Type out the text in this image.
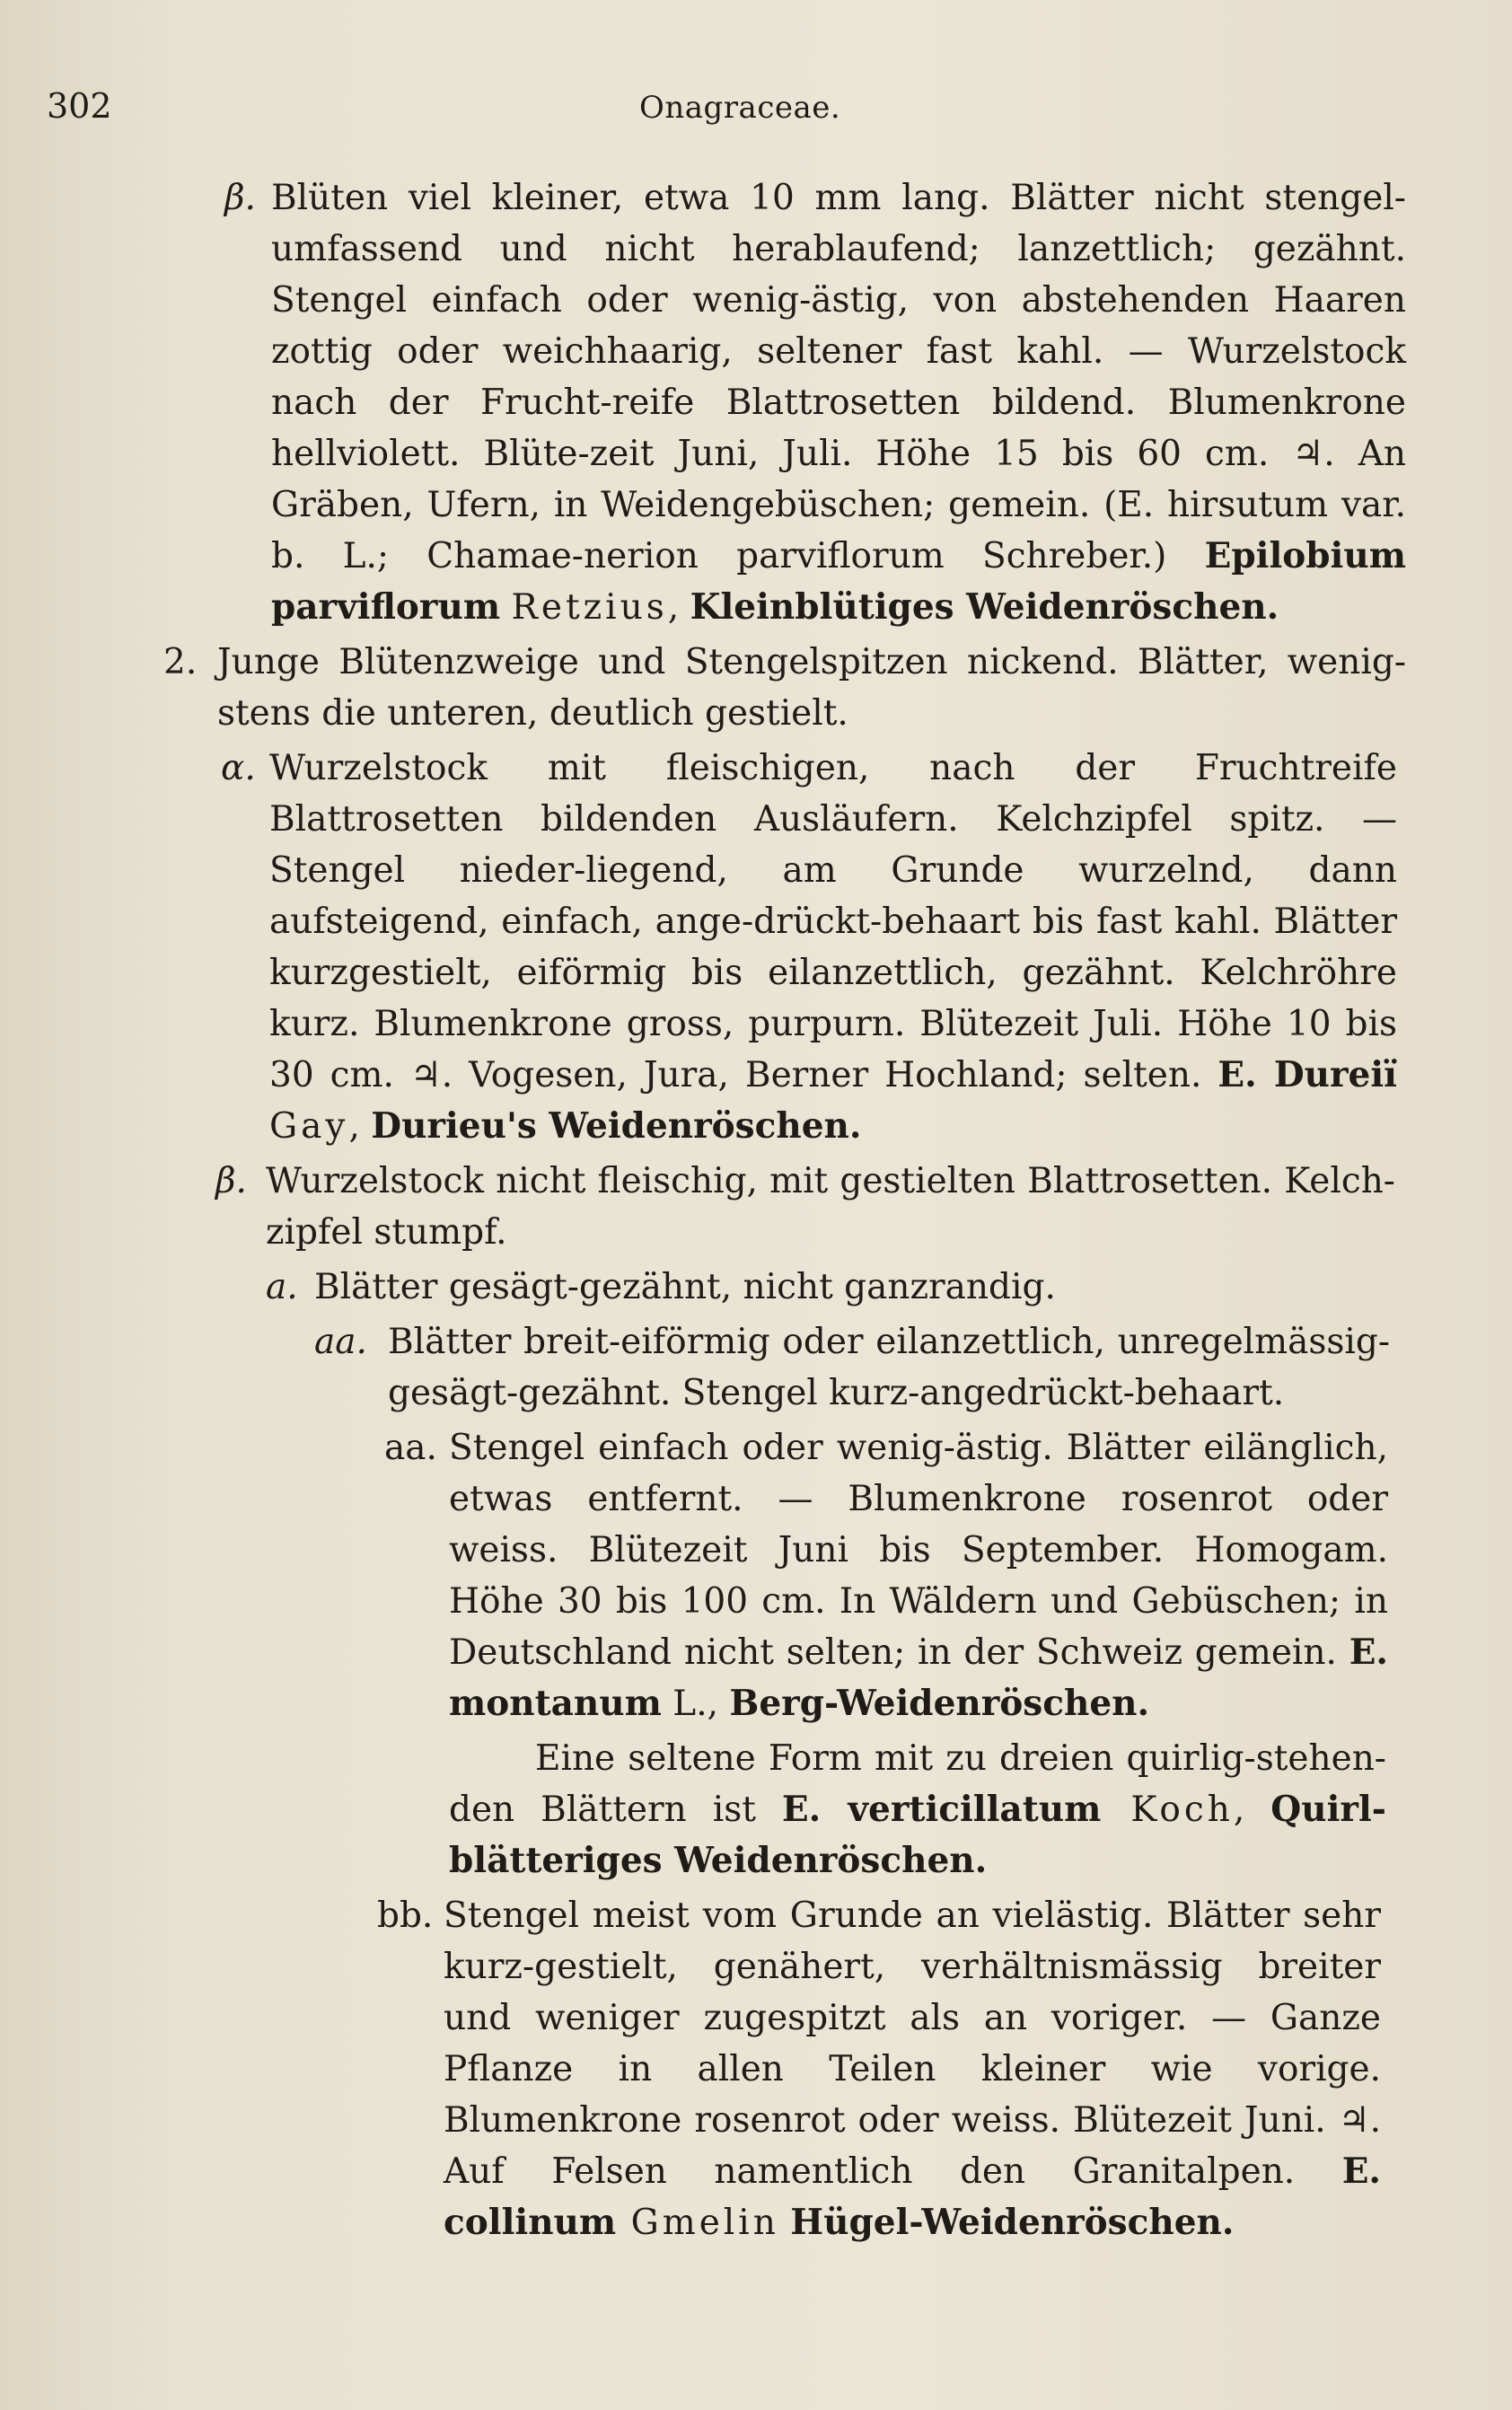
302	Onagraceae.
β. Blüten viel kleiner, etwa 10 mm lang. Blätter nicht stengel-umfassend und nicht herablaufend; lanzettlich; gezähnt. Stengel einfach oder wenig-ästig, von abstehenden Haaren zottig oder weichhaarig, seltener fast kahl. — Wurzelstock nach der Frucht-reife Blattrosetten bildend. Blumenkrone hellviolett. Blüte-zeit Juni, Juli. Höhe 15 bis 60 cm. ♃. An Gräben, Ufern, in Weidengebüschen; gemein. (E. hirsutum var. b. L.; Chamae-nerion parviflorum Schreber.) Epilobium parviflorum Retzius, Kleinblütiges Weidenröschen.
2. Junge Blütenzweige und Stengelspitzen nickend. Blätter, wenig-stens die unteren, deutlich gestielt.
α. Wurzelstock mit fleischigen, nach der Fruchtreife Blattrosetten bildenden Ausläufern. Kelchzipfel spitz. — Stengel nieder-liegend, am Grunde wurzelnd, dann aufsteigend, einfach, ange-drückt-behaart bis fast kahl. Blätter kurzgestielt, eiförmig bis eilanzettlich, gezähnt. Kelchröhre kurz. Blumenkrone gross, purpurn. Blütezeit Juli. Höhe 10 bis 30 cm. ♃. Vogesen, Jura, Berner Hochland; selten. E. Dureiï Gay, Durieu's Weidenröschen.
β. Wurzelstock nicht fleischig, mit gestielten Blattrosetten. Kelch-zipfel stumpf.
a. Blätter gesägt-gezähnt, nicht ganzrandig.
aa. Blätter breit-eiförmig oder eilanzettlich, unregelmässig-gesägt-gezähnt. Stengel kurz-angedrückt-behaart.
aa. Stengel einfach oder wenig-ästig. Blätter eilänglich, etwas entfernt. — Blumenkrone rosenrot oder weiss. Blütezeit Juni bis September. Homogam. Höhe 30 bis 100 cm. In Wäldern und Gebüschen; in Deutschland nicht selten; in der Schweiz gemein. E. montanum L., Berg-Weidenröschen.
Eine seltene Form mit zu dreien quirlig-stehen-den Blättern ist E. verticillatum Koch, Quirl-blätteriges Weidenröschen.
bb. Stengel meist vom Grunde an vielästig. Blätter sehr kurz-gestielt, genähert, verhältnismässig breiter und weniger zugespitzt als an voriger. — Ganze Pflanze in allen Teilen kleiner wie vorige. Blumenkrone rosenrot oder weiss. Blütezeit Juni. ♃. Auf Felsen namentlich den Granitalpen. E. collinum Gmelin Hügel-Weidenröschen.
